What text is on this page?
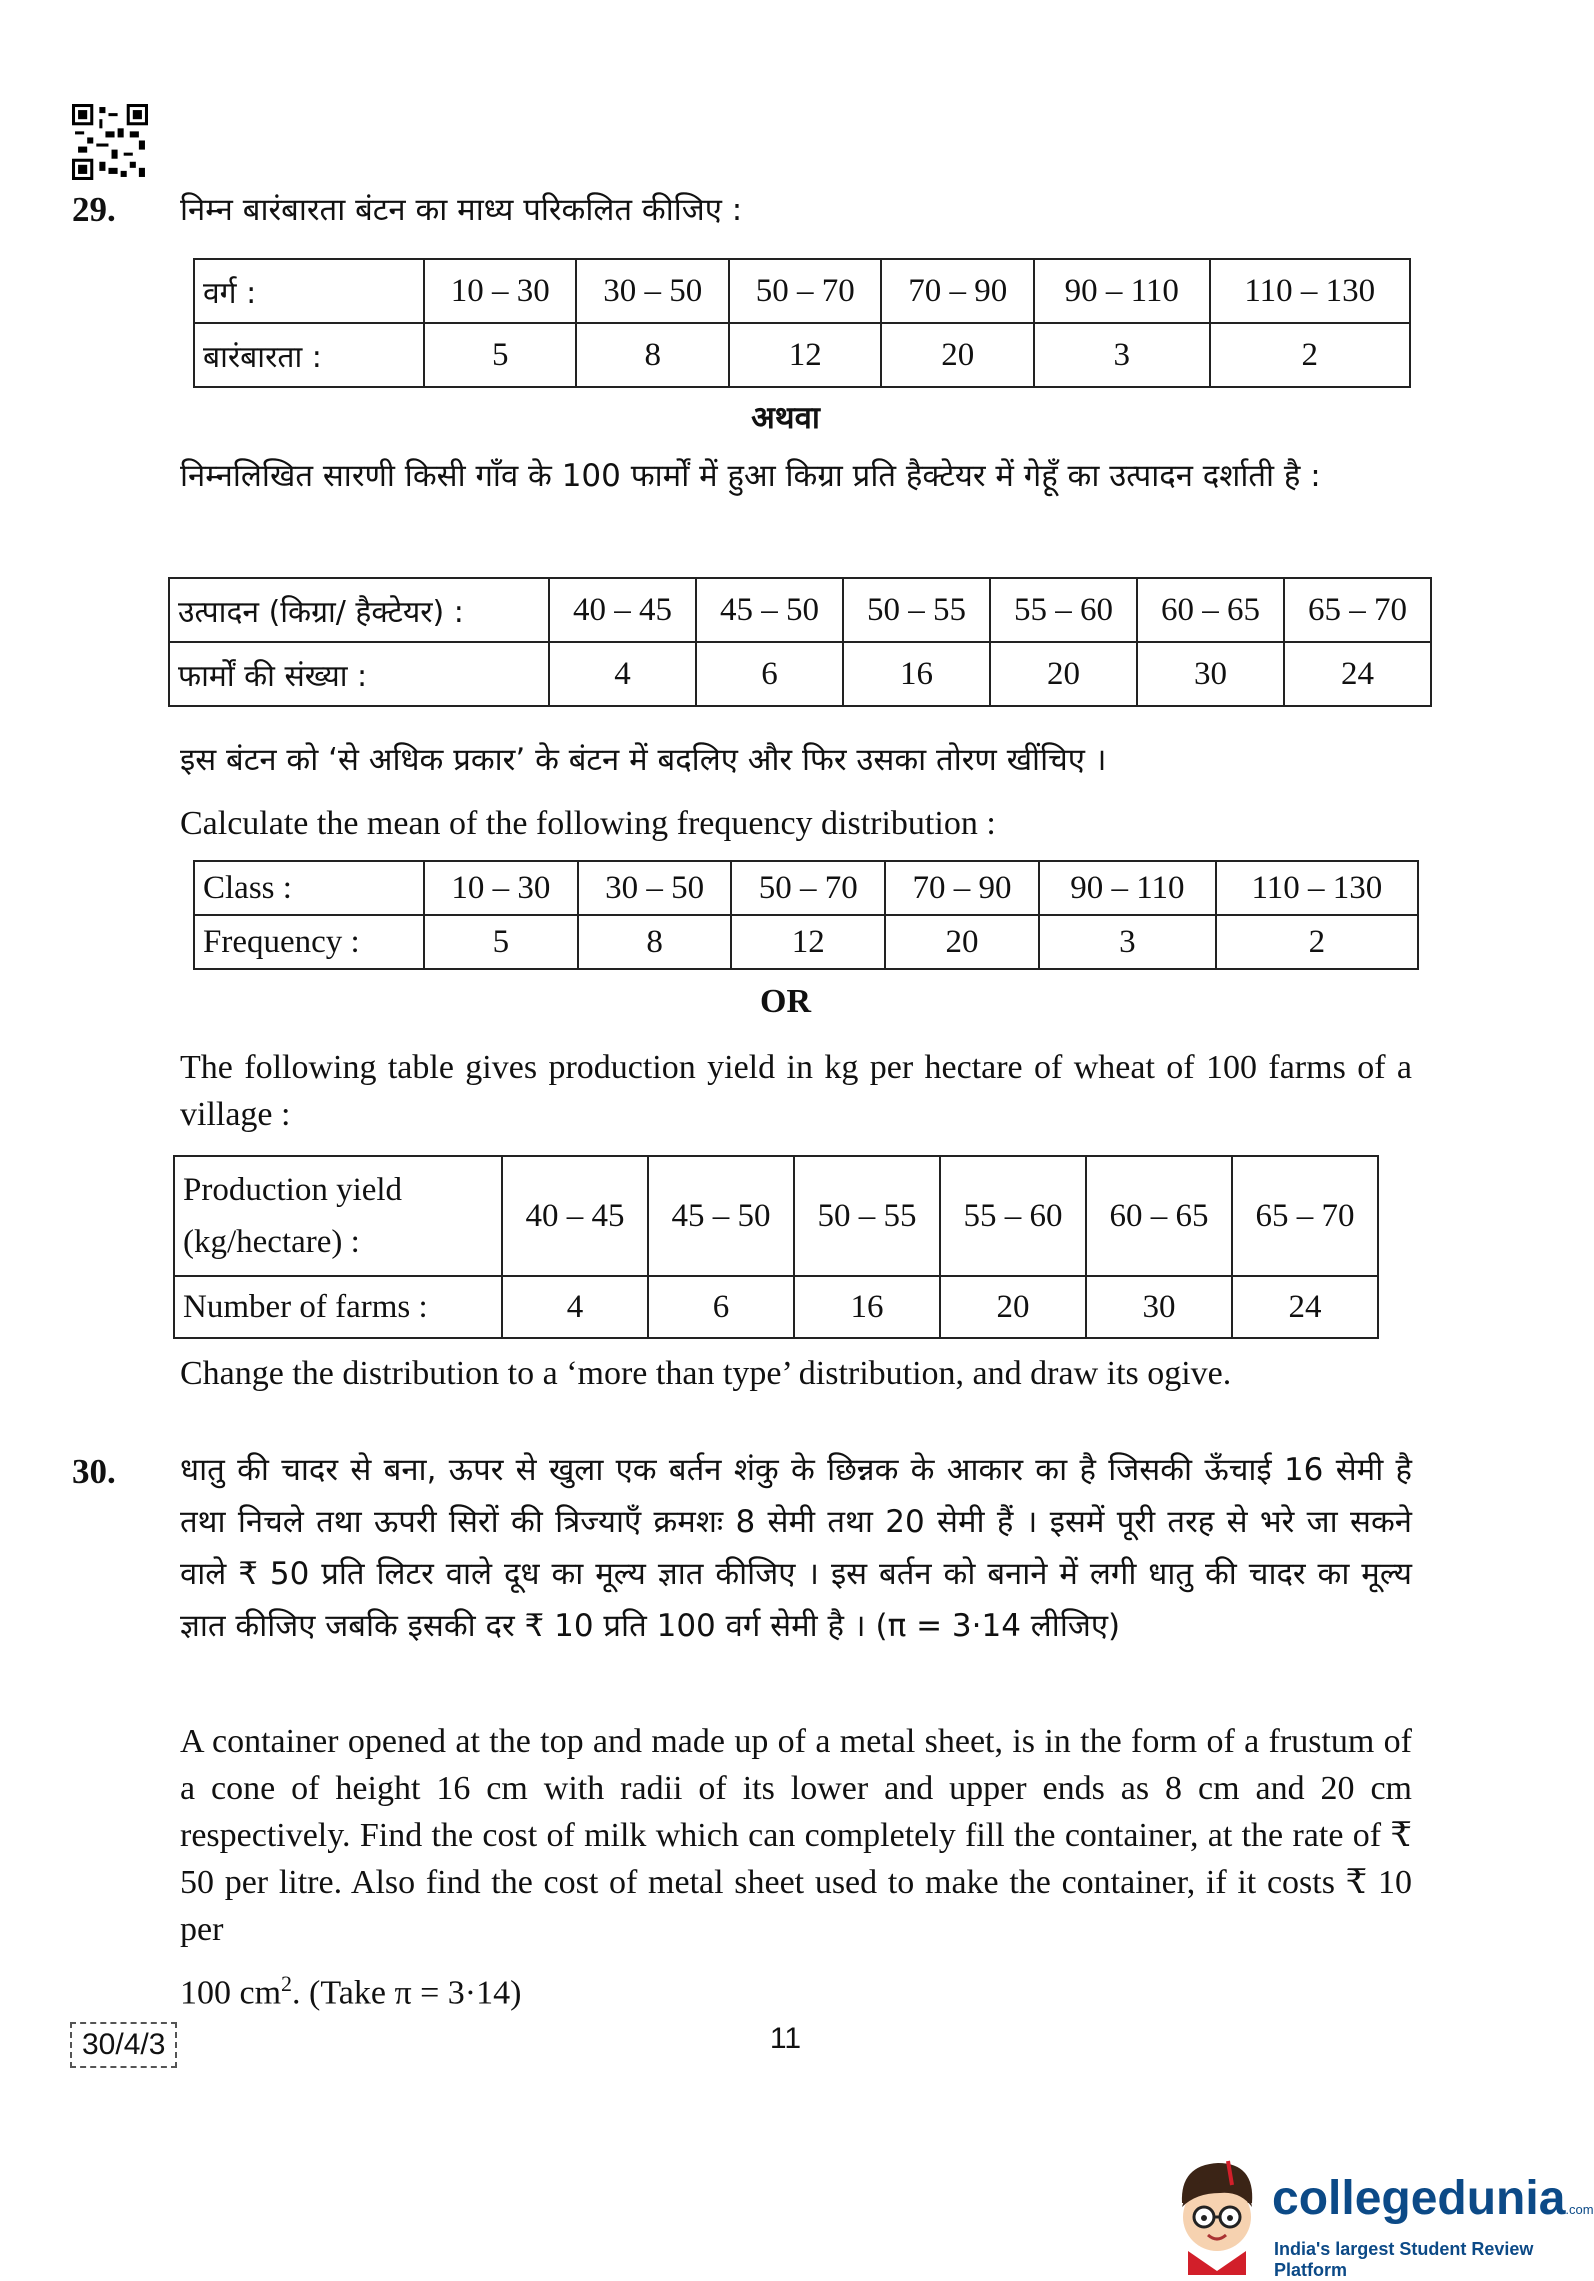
29. निम्न बारंबारता बंटन का माध्य परिकलित कीजिए :
वर्ग :	10 – 30	30 – 50	50 – 70	70 – 90	90 – 110	110 – 130
बारंबारता :	5	8	12	20	3	2
अथवा
निम्नलिखित सारणी किसी गाँव के 100 फार्मों में हुआ किग्रा प्रति हैक्टेयर में गेहूँ का उत्पादन दर्शाती है :
उत्पादन (किग्रा/ हैक्टेयर) :	40 – 45	45 – 50	50 – 55	55 – 60	60 – 65	65 – 70
फार्मों की संख्या :	4	6	16	20	30	24
इस बंटन को ‘से अधिक प्रकार’ के बंटन में बदलिए और फिर उसका तोरण खींचिए ।
Calculate the mean of the following frequency distribution :
Class :	10 – 30	30 – 50	50 – 70	70 – 90	90 – 110	110 – 130
Frequency :	5	8	12	20	3	2
OR
The following table gives production yield in kg per hectare of wheat of 100 farms of a village :
Production yield
(kg/hectare) :	40 – 45	45 – 50	50 – 55	55 – 60	60 – 65	65 – 70
Number of farms :	4	6	16	20	30	24
Change the distribution to a ‘more than type’ distribution, and draw its ogive.
30. धातु की चादर से बना, ऊपर से खुला एक बर्तन शंकु के छिन्नक के आकार का है जिसकी ऊँचाई 16 सेमी है तथा निचले तथा ऊपरी सिरों की त्रिज्याएँ क्रमशः 8 सेमी तथा 20 सेमी हैं । इसमें पूरी तरह से भरे जा सकने वाले ₹ 50 प्रति लिटर वाले दूध का मूल्य ज्ञात कीजिए । इस बर्तन को बनाने में लगी धातु की चादर का मूल्य ज्ञात कीजिए जबकि इसकी दर ₹ 10 प्रति 100 वर्ग सेमी है । (π = 3·14 लीजिए)
A container opened at the top and made up of a metal sheet, is in the form of a frustum of a cone of height 16 cm with radii of its lower and upper ends as 8 cm and 20 cm respectively. Find the cost of milk which can completely fill the container, at the rate of ₹ 50 per litre. Also find the cost of metal sheet used to make the container, if it costs ₹ 10 per
100 $cm^2$. (Take π = 3·14)
30/4/3	11
collegedunia.com
India's largest Student Review Platform
